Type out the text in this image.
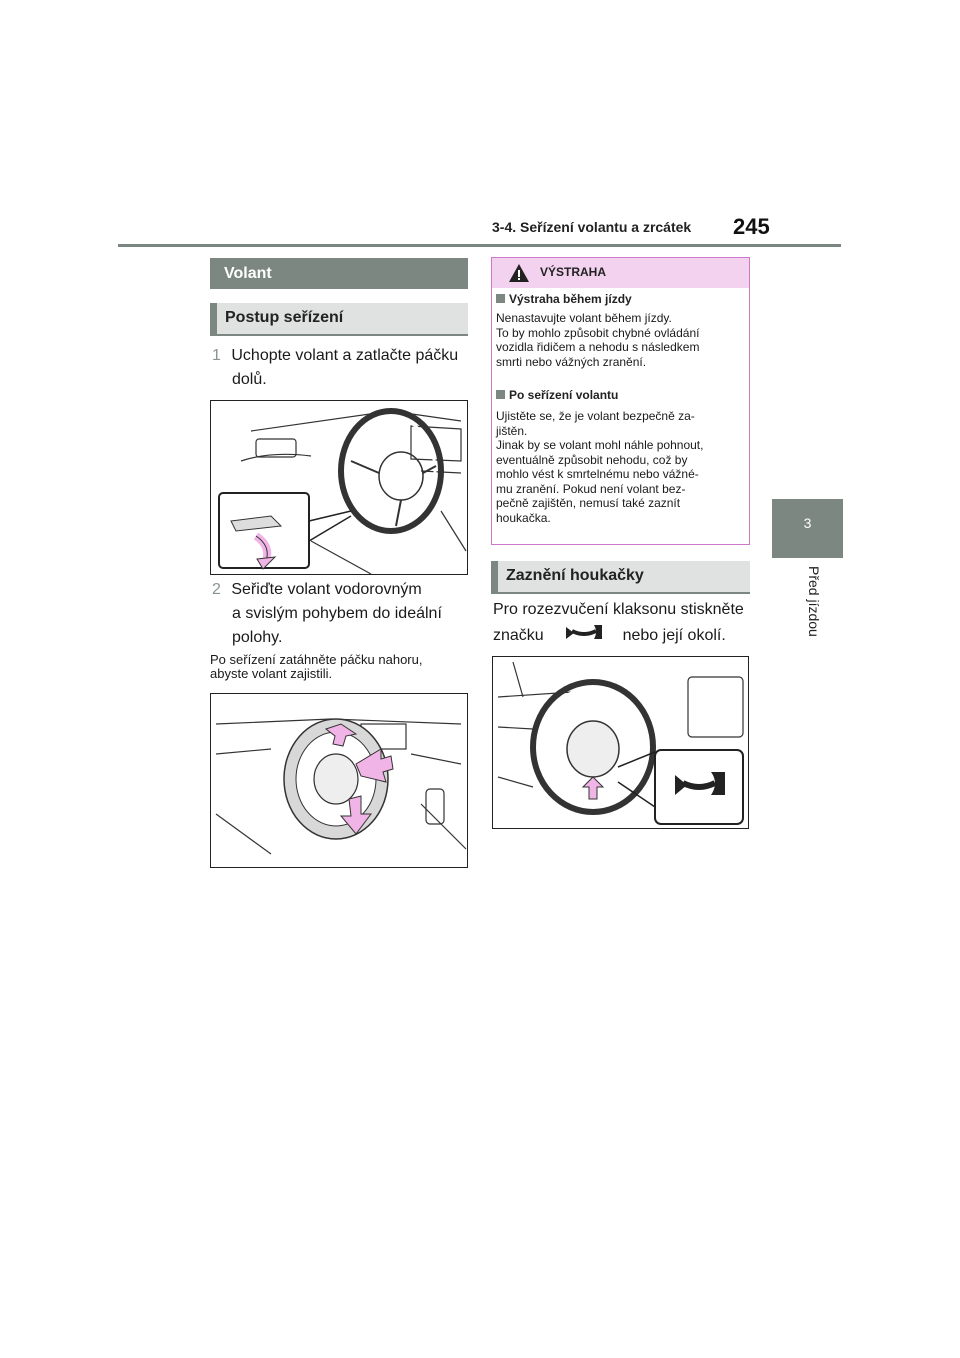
3-4. Seřízení volantu a zrcátek 245
3
Před jízdou
Volant
Postup seřízení
1 Uchopte volant a zatlačte páčku
dolů.
2 Seřiďte volant vodorovným
a svislým pohybem do ideální
polohy.
Po seřízení zatáhněte páčku nahoru,
abyste volant zajistili.
VÝSTRAHA
Výstraha během jízdy
Nenastavujte volant během jízdy.
To by mohlo způsobit chybné ovládání
vozidla řidičem a nehodu s následkem
smrti nebo vážných zranění.
Po seřízení volantu
Ujistěte se, že je volant bezpečně za-
jištěn.
Jinak by se volant mohl náhle pohnout,
eventuálně způsobit nehodu, což by
mohlo vést k smrtelnému nebo vážné-
mu zranění. Pokud není volant bez-
pečně zajištěn, nemusí také zaznít
houkačka.
Zaznění houkačky
Pro rozezvučení klaksonu stiskněte
značku	nebo její okolí.
